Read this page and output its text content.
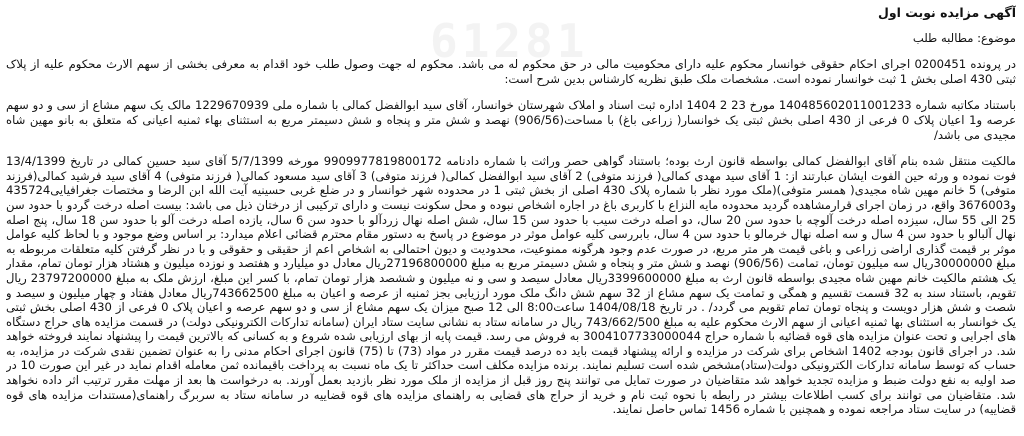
61281
آگهی مزایده نوبت اول
موضوع: مطالبه طلب

در پرونده 0200451 اجرای احکام حقوقی خوانسار محکوم علیه دارای محکومیت مالی در حق محکوم له می باشد. محکوم له جهت وصول طلب خود اقدام به معرفی بخشی از سهم الارث محکوم علیه از پلاک ثبتی 430 اصلی بخش 1 ثبت خوانسار نموده است. مشخصات ملک طبق نظریه کارشناس بدین شرح است:

باستناد مکاتبه شماره 140485602011001233 مورخ 23 2 1404 اداره ثبت اسناد و املاک شهرستان خوانسار، آقای سید ابوالفضل کمالی با شماره ملی 1229670939 مالک یک سهم مشاع از سی و دو سهم عرصه و1 اعیان پلاک 0 فرعی از 430 اصلی بخش ثبتی یک خوانسار( زراعی باغ) با مساحت(906/56) نهصد و شش متر و پنجاه و شش دسیمتر مربع به استثنای بهاء ثمنیه اعیانی که متعلق به بانو مهین شاه مجیدی می باشد/

مالکیت منتقل شده بنام آقای ابوالفضل کمالی بواسطه قانون ارث بوده؛ باستناد گواهی حصر وراثت با شماره دادنامه 9909977819800172 مورخه 5/7/1399 آقای سید حسین کمالی در تاریخ 13/4/1399 فوت نموده و ورثه حین الفوت ایشان عبارتند از: 1 آقای سید مهدی کمالی( فرزند متوفی) 2 آقای سید ابوالفضل کمالی( فرزند متوفی) 3 آقای سید مسعود کمالی( فرزند متوفی) 4 آقای سید فرشید کمالی(فرزند متوفی) 5 خانم مهین شاه مجیدی( همسر متوفی)(ملک مورد نظر با شماره پلاک 430 اصلی از بخش ثبتی 1 در محدوده شهر خوانسار و در ضلع غربی حسینیه آیت الله ابن الرضا و مختصات جغرافیایی435724 و3676003 واقع، در زمان اجرای قرارمشاهده گردید محدوده مایه النزاع با کاربری باغ در اجاره اشخاص نبوده و محل سکونت نیست و دارای ترکیبی از درختان ذیل می باشد: بیست اصله درخت گردو با حدود سن 25 الی 55 سال، سیزده اصله درخت آلوچه با حدود سن 20 سال، دو اصله درخت سیب با حدود سن 15 سال، شش اصله نهال زردآلو با حدود سن 6 سال، یازده اصله درخت آلو با حدود سن 18 سال، پنج اصله نهال آلبالو با حدود سن 4 سال و سه اصله نهال خرمالو با حدود سن 4 سال، بابررسی کلیه عوامل موثر در موضوع در پاسخ به دستور مقام محترم قضائی اعلام میدارد: بر اساس وضع موجود و با لحاظ کلیه عوامل موثر بر قیمت گذاری اراضی زراعی و باغی قیمت هر متر مربع، در صورت عدم وجود هرگونه ممنوعیت، محدودیت و دیون احتمالی به اشخاص اعم از حقیقی و حقوقی و با در نظر گرفتن کلیه متعلقات مربوطه به مبلغ 30000000ریال سه میلیون تومان، تمامت (906/56) نهصد و شش متر و پنجاه و شش دسیمتر مربع به مبلغ 27196800000ریال معادل دو میلیارد و هفتصد و نوزده میلیون و هشتاد هزار تومان تمام، مقدار یک هشتم مالکیت خانم مهین شاه مجیدی بواسطه قانون ارث به مبلغ 3399600000ریال معادل سیصد و سی و نه میلیون و ششصد هزار تومان تمام، با کسر این مبلغ، ارزش ملک به مبلغ 23797200000 ریال تقویم، باستناد سند به 32 قسمت تقسیم و همگی و تمامت یک سهم مشاع از 32 سهم شش دانگ ملک مورد ارزیابی بجز ثمنیه از عرصه و اعیان به مبلغ 743662500ریال معادل هفتاد و چهار میلیون و سیصد و شصت و شش هزار دویست و پنجاه تومان تمام تقویم می گردد/ . در تاریخ 1404/08/18 ساعت8:00 الی 12 صبح میزان یک سهم مشاع از سی و دو سهم عرصه و اعیان پلاک 0 فرعی از 430 اصلی بخش ثبتی یک خوانسار به استثنای بها ثمنیه اعیانی از سهم الارث محکوم علیه به مبلغ 743/662/500 ریال در سامانه ستاد به نشانی سایت ستاد ایران (سامانه تدارکات الکترونیکی دولت) در قسمت مزایده های حراج دستگاه های اجرایی و تحت عنوان مزایده های قوه قضائیه با شماره حراج 3004107733000044 به فروش می رسد. قیمت پایه از بهای ارزیابی شده شروع و به کسانی که بالاترین قیمت را پیشنهاد نمایند فروخته خواهد شد. در اجرای قانون بودجه 1402 اشخاص برای شرکت در مزایده و ارائه پیشنهاد قیمت باید ده درصد قیمت مقرر در مواد (73) تا (75) قانون اجرای احکام مدنی را به عنوان تضمین نقدی شرکت در مزایده، به حساب که توسط سامانه تدارکات الکترونیکی دولت(ستاد)مشخص شده است تسلیم نمایند. برنده مزایده مکلف است حداکثر تا یک ماه نسبت به پرداخت باقیمانده ثمن معامله اقدام نماید در غیر این صورت 10 در صد اولیه به نفع دولت ضبط و مزایده تجدید خواهد شد متقاضیان در صورت تمایل می توانند پنج روز قبل از مزایده از ملک مورد نظر بازدید بعمل آورند. به درخواست ها بعد از مهلت مقرر ترتیب اثر داده نخواهد شد. متقاضیان می توانند برای کسب اطلاعات بیشتر در رابطه با نحوه ثبت نام و خرید از حراج های قضایی به راهنمای مزایده های قوه قضاییه در سامانه ستاد به سربرگ راهنمای(مستندات مزایده های قوه قضاییه) در سایت ستاد مراجعه نموده و همچنین با شماره 1456 تماس حاصل نمایند.
